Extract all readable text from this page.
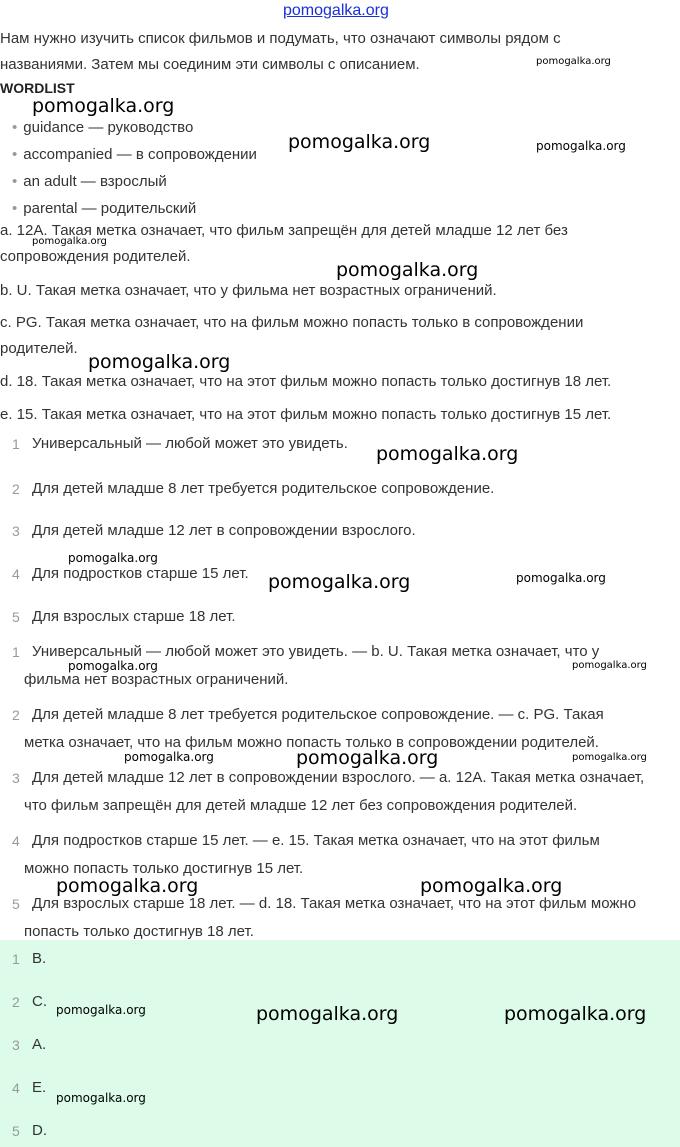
pomogalka.org
Нам нужно изучить список фильмов и подумать, что означают символы рядом с
названиями. Затем мы соединим эти символы с описанием.
WORDLIST
• guidance — руководство
• accompanied — в сопровождении
• an adult — взрослый
• parental — родительский
a. 12A. Такая метка означает, что фильм запрещён для детей младше 12 лет без
сопровождения родителей.
b. U. Такая метка означает, что у фильма нет возрастных ограничений.
c. PG. Такая метка означает, что на фильм можно попасть только в сопровождении
родителей.
d. 18. Такая метка означает, что на этот фильм можно попасть только достигнув 18 лет.
e. 15. Такая метка означает, что на этот фильм можно попасть только достигнув 15 лет.
1 Универсальный — любой может это увидеть.
2 Для детей младше 8 лет требуется родительское сопровождение.
3 Для детей младше 12 лет в сопровождении взрослого.
4 Для подростков старше 15 лет.
5 Для взрослых старше 18 лет.
1 Универсальный — любой может это увидеть. — b. U. Такая метка означает, что у
фильма нет возрастных ограничений.
2 Для детей младше 8 лет требуется родительское сопровождение. — c. PG. Такая
метка означает, что на фильм можно попасть только в сопровождении родителей.
3 Для детей младше 12 лет в сопровождении взрослого. — a. 12A. Такая метка означает,
что фильм запрещён для детей младше 12 лет без сопровождения родителей.
4 Для подростков старше 15 лет. — e. 15. Такая метка означает, что на этот фильм
можно попасть только достигнув 15 лет.
5 Для взрослых старше 18 лет. — d. 18. Такая метка означает, что на этот фильм можно
попасть только достигнув 18 лет.
1 B.
2 C.
3 A.
4 E.
5 D.
pomogalka.org
pomogalka.org
pomogalka.org	pomogalka.org
pomogalka.org
pomogalka.org
pomogalka.org
pomogalka.org
pomogalka.org
pomogalka.org	pomogalka.org
pomogalka.org	pomogalka.org
pomogalka.org	pomogalka.org	pomogalka.org
pomogalka.org	pomogalka.org
pomogalka.org	pomogalka.org	pomogalka.org
pomogalka.org
